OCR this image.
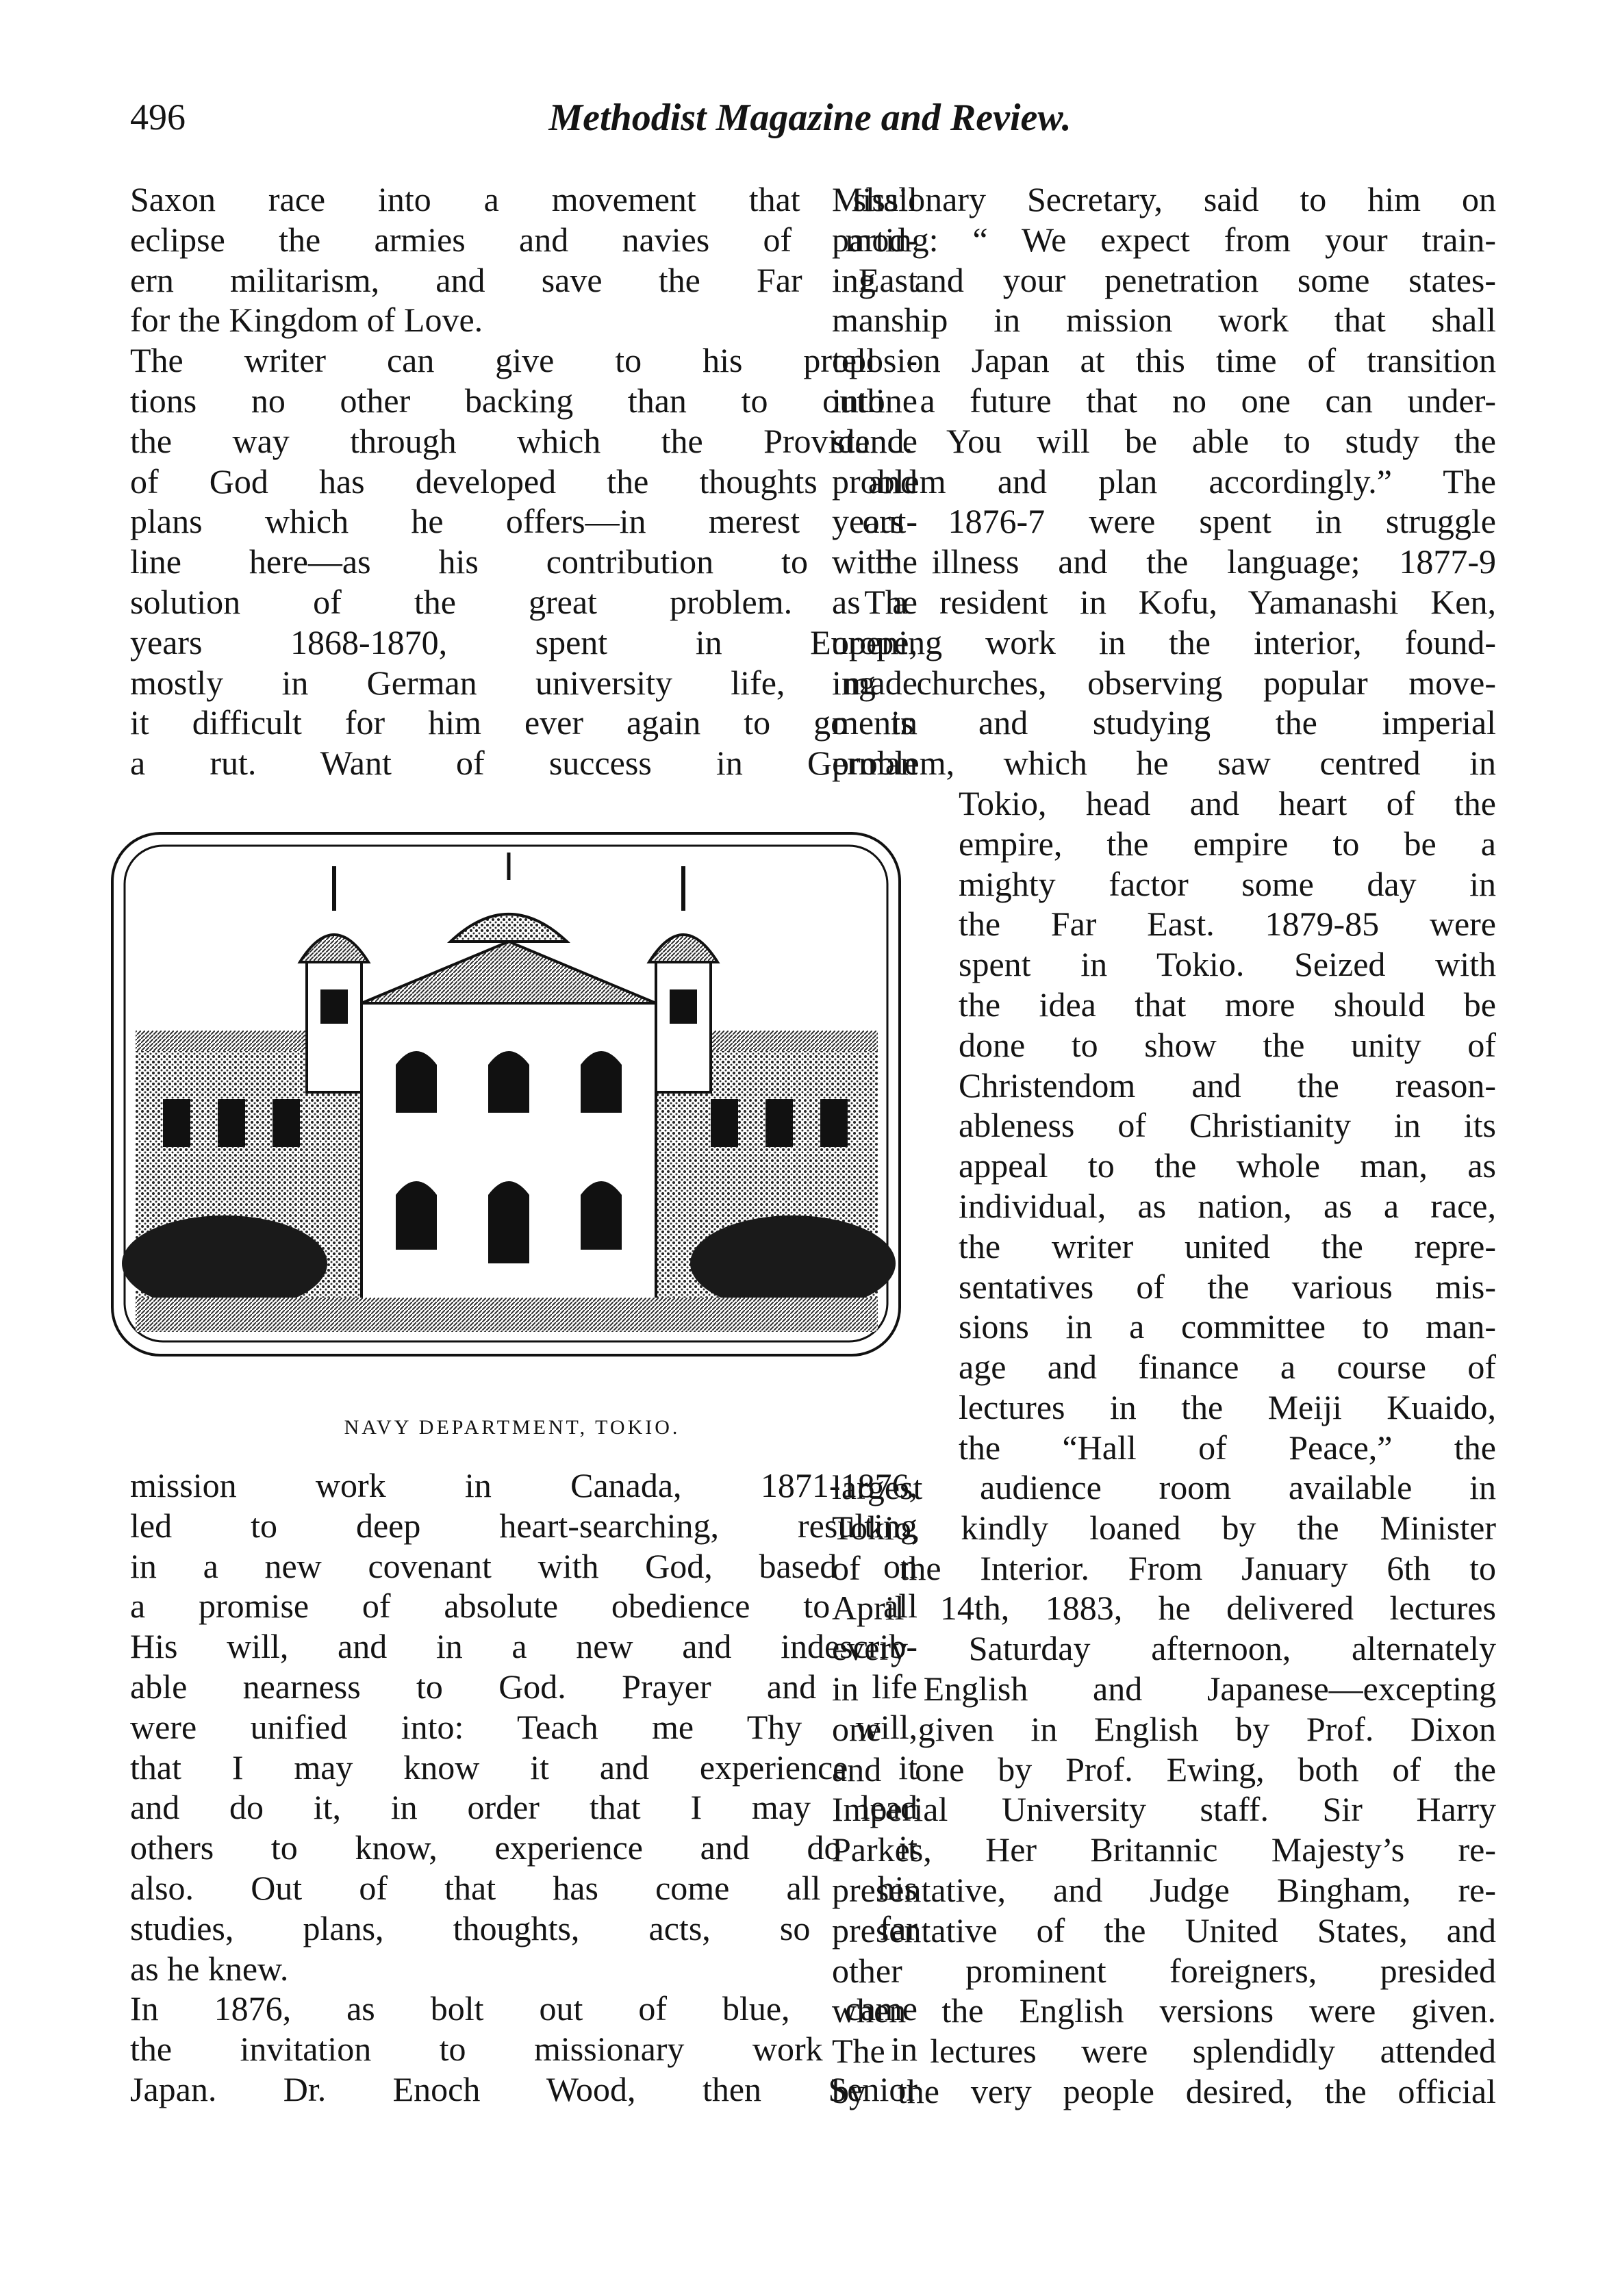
496	Methodist Magazine and Review.
Saxon race into a movement that shall
eclipse the armies and navies of mod-
ern militarism, and save the Far East
for the Kingdom of Love.
The writer can give to his proposi-
tions no other backing than to outline
the way through which the Providence
of God has developed the thoughts and
plans which he offers—in merest out-
line here—as his contribution to the
solution of the great problem. The
years 1868-1870, spent in Europe,
mostly in German university life, made
it difficult for him ever again to go in
a rut. Want of success in German
mission work in Canada, 1871-1876,
led to deep heart-searching, resulting
in a new covenant with God, based on
a promise of absolute obedience to all
His will, and in a new and indescrib-
able nearness to God. Prayer and life
were unified into: Teach me Thy will,
that I may know it and experience it
and do it, in order that I may lead
others to know, experience and do it
also. Out of that has come all his
studies, plans, thoughts, acts, so far
as he knew.
In 1876, as bolt out of blue, came
the invitation to missionary work in
Japan. Dr. Enoch Wood, then Senior
Missionary Secretary, said to him on
parting: “ We expect from your train-
ing and your penetration some states-
manship in mission work that shall
tell on Japan at this time of transition
into a future that no one can under-
stand. You will be able to study the
problem and plan accordingly.” The
years 1876-7 were spent in struggle
with illness and the language; 1877-9
as a resident in Kofu, Yamanashi Ken,
opening work in the interior, found-
ing churches, observing popular move-
ments and studying the imperial
problem, which he saw centred in
Tokio, head and heart of the
empire, the empire to be a
mighty factor some day in
the Far East. 1879-85 were
spent in Tokio. Seized with
the idea that more should be
done to show the unity of
Christendom and the reason-
ableness of Christianity in its
appeal to the whole man, as
individual, as nation, as a race,
the writer united the repre-
sentatives of the various mis-
sions in a committee to man-
age and finance a course of
lectures in the Meiji Kuaido,
the “Hall of Peace,” the
largest audience room available in
Tokio, kindly loaned by the Minister
of the Interior. From January 6th to
April 14th, 1883, he delivered lectures
every Saturday afternoon, alternately
in English and Japanese—excepting
one given in English by Prof. Dixon
and one by Prof. Ewing, both of the
Imperial University staff. Sir Harry
Parkes, Her Britannic Majesty’s re-
presentative, and Judge Bingham, re-
presentative of the United States, and
other prominent foreigners, presided
when the English versions were given.
The lectures were splendidly attended
by the very people desired, the official
NAVY DEPARTMENT, TOKIO.
